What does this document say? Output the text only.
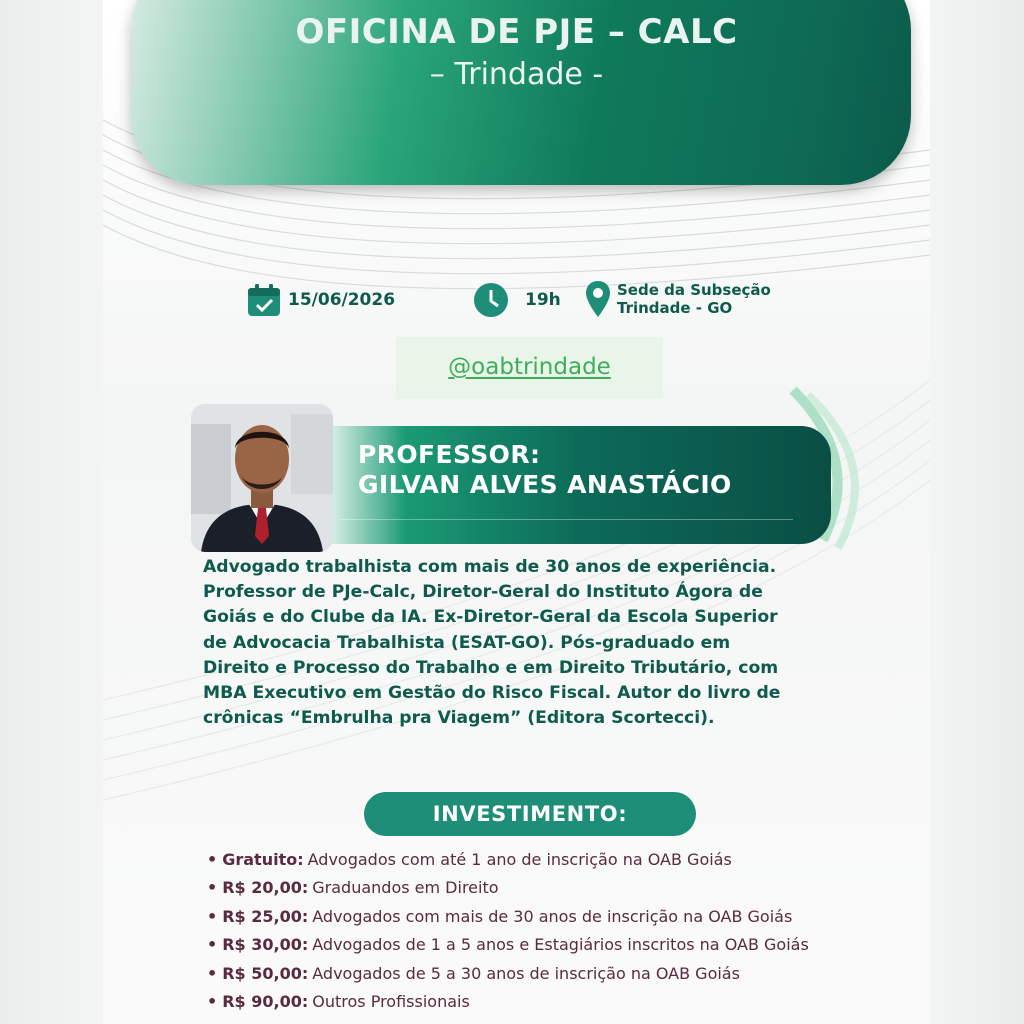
OFICINA DE PJE – CALC
– Trindade -
15/06/2026	19h	Sede da Subseção
Trindade - GO
@oabtrindade
PROFESSOR:
GILVAN ALVES ANASTÁCIO
Advogado trabalhista com mais de 30 anos de experiência.
Professor de PJe-Calc, Diretor-Geral do Instituto Ágora de
Goiás e do Clube da IA. Ex-Diretor-Geral da Escola Superior
de Advocacia Trabalhista (ESAT-GO). Pós-graduado em
Direito e Processo do Trabalho e em Direito Tributário, com
MBA Executivo em Gestão do Risco Fiscal. Autor do livro de
crônicas “Embrulha pra Viagem” (Editora Scortecci).
INVESTIMENTO:
• Gratuito: Advogados com até 1 ano de inscrição na OAB Goiás
• R$ 20,00: Graduandos em Direito
• R$ 25,00: Advogados com mais de 30 anos de inscrição na OAB Goiás
• R$ 30,00: Advogados de 1 a 5 anos e Estagiários inscritos na OAB Goiás
• R$ 50,00: Advogados de 5 a 30 anos de inscrição na OAB Goiás
• R$ 90,00: Outros Profissionais
